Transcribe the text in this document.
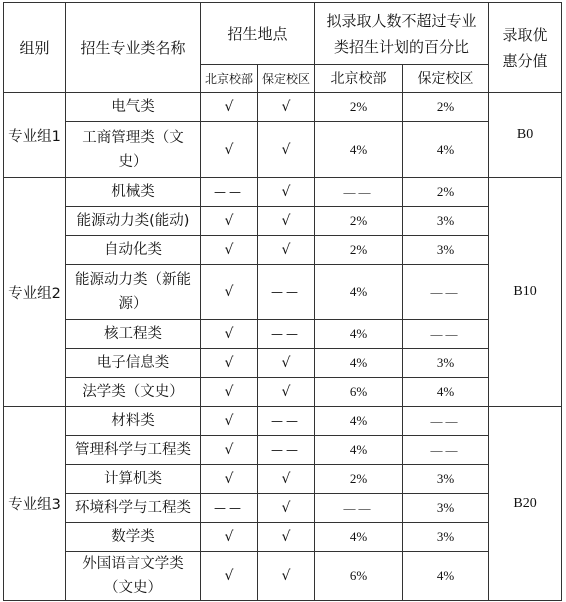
组别	招生专业类名称	招生地点		拟录取人数不超过专业类招生计划的百分比		录取优惠分值
		北京校部	保定校区	北京校部	保定校区	
专业组1	电气类	√	√	2%	2%	B0
	工商管理类（文史）	√	√	4%	4%	
专业组2	机械类	——	√	——	2%	B10
	能源动力类(能动)	√	√	2%	3%	
	自动化类	√	√	2%	3%	
	能源动力类（新能源）	√	——	4%	——	
	核工程类	√	——	4%	——	
	电子信息类	√	√	4%	3%	
	法学类（文史）	√	√	6%	4%	
专业组3	材料类	√	——	4%	——	B20
	管理科学与工程类	√	——	4%	——	
	计算机类	√	√	2%	3%	
	环境科学与工程类	——	√	——	3%	
	数学类	√	√	4%	3%	
	外国语言文学类（文史）	√	√	6%	4%	
